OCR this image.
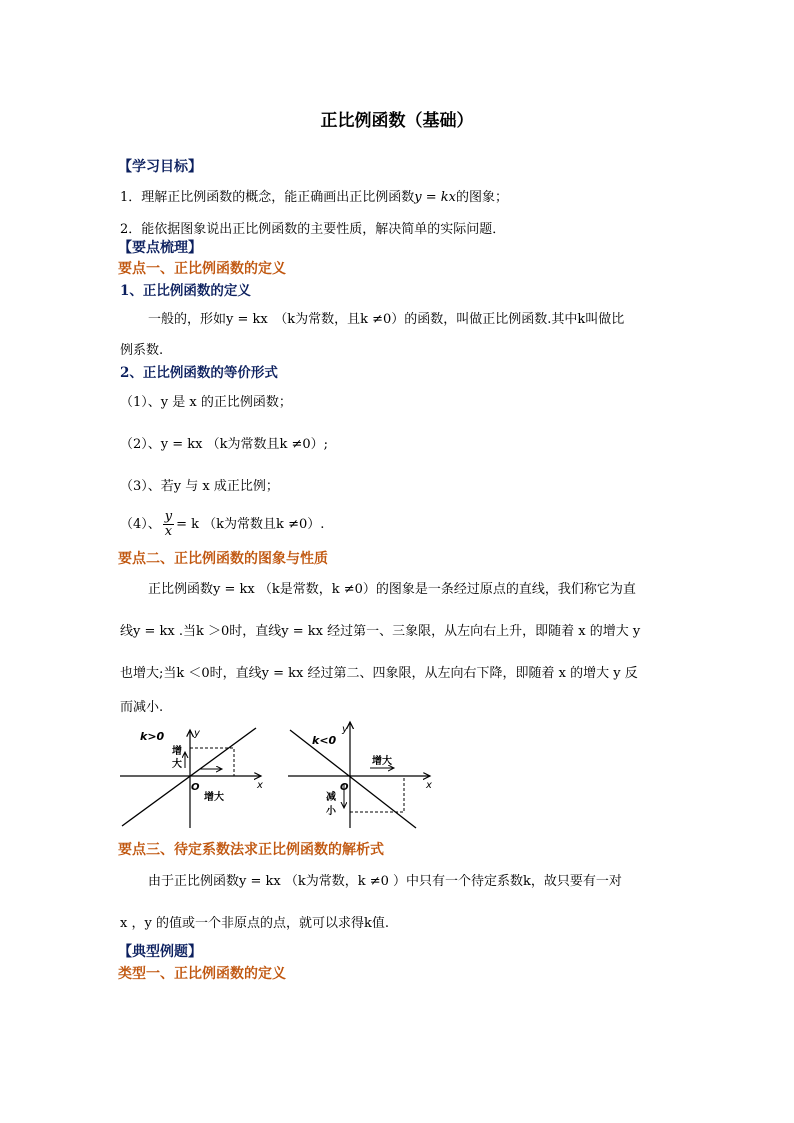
正比例函数（基础）
【学习目标】
1．理解正比例函数的概念，能正确画出正比例函数y = kx的图象；
2．能依据图象说出正比例函数的主要性质，解决简单的实际问题．
【要点梳理】
要点一、正比例函数的定义
1、正比例函数的定义
一般的，形如y = kx　（k为常数，且k ≠0）的函数，叫做正比例函数.其中k叫做比
例系数.
2、正比例函数的等价形式
（1）、y 是 x 的正比例函数；
（2）、y = kx （k为常数且k ≠0）;
（3）、若y 与 x 成正比例；
（4）、 $\frac{y}{x} = k$ （k为常数且k ≠0）.
要点二、正比例函数的图象与性质
正比例函数y = kx （k是常数，k ≠0）的图象是一条经过原点的直线，我们称它为直
线y = kx .当k ＞0时，直线y = kx 经过第一、三象限，从左向右上升，即随着 x 的增大 y
也增大;当k ＜0时，直线y = kx 经过第二、四象限，从左向右下降，即随着 x 的增大 y 反
而减小.
k>0	y
x
O
增
大
增大
k<0
y
x
O
增大
减
小
要点三、待定系数法求正比例函数的解析式
由于正比例函数y = kx （k为常数，k ≠0 ）中只有一个待定系数k，故只要有一对
x ，y 的值或一个非原点的点，就可以求得k值.
【典型例题】
类型一、正比例函数的定义
